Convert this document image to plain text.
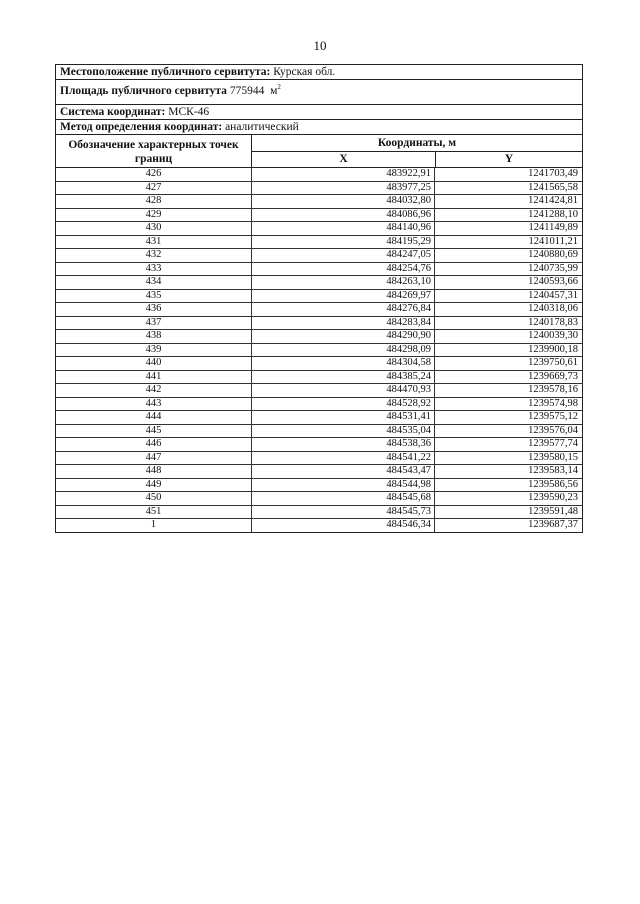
10
Местоположение публичного сервитута: Курская обл.
Площадь публичного сервитута 775944 $м^2$
Система координат: МСК-46
Метод определения координат: аналитический
Обозначение характерных точек границ
Координаты, м
X	Y
426	483922,91	1241703,49
427	483977,25	1241565,58
428	484032,80	1241424,81
429	484086,96	1241288,10
430	484140,96	1241149,89
431	484195,29	1241011,21
432	484247,05	1240880,69
433	484254,76	1240735,99
434	484263,10	1240593,66
435	484269,97	1240457,31
436	484276,84	1240318,06
437	484283,84	1240178,83
438	484290,90	1240039,30
439	484298,09	1239900,18
440	484304,58	1239750,61
441	484385,24	1239669,73
442	484470,93	1239578,16
443	484528,92	1239574,98
444	484531,41	1239575,12
445	484535,04	1239576,04
446	484538,36	1239577,74
447	484541,22	1239580,15
448	484543,47	1239583,14
449	484544,98	1239586,56
450	484545,68	1239590,23
451	484545,73	1239591,48
1	484546,34	1239687,37
